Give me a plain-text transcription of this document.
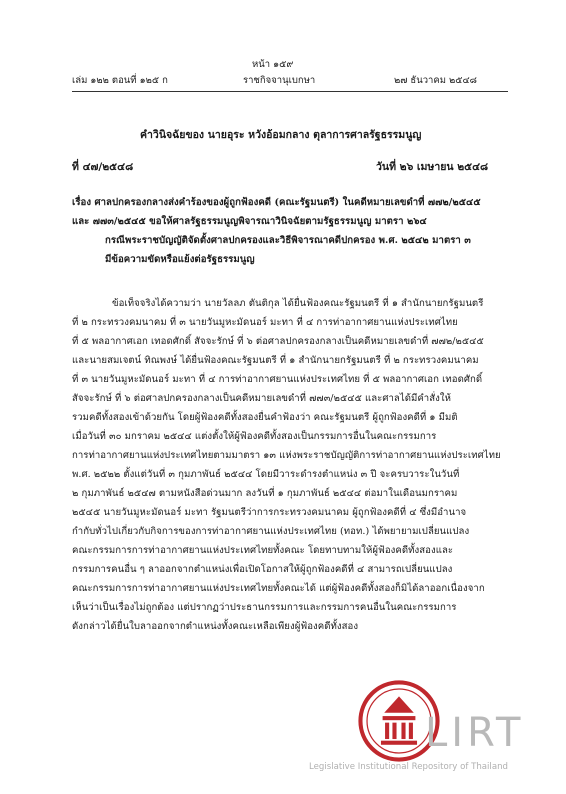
หน้า ๑๕๙
เล่ม ๑๒๒ ตอนที่ ๑๒๕ ก	ราชกิจจานุเบกษา	๒๗ ธันวาคม ๒๕๔๘
คำวินิจฉัยของ นายอุระ หวังอ้อมกลาง ตุลาการศาลรัฐธรรมนูญ
ที่ ๔๗/๒๕๔๘	วันที่ ๒๖ เมษายน ๒๕๔๘
เรื่อง ศาลปกครองกลางส่งคำร้องของผู้ถูกฟ้องคดี (คณะรัฐมนตรี) ในคดีหมายเลขดำที่ ๗๗๒/๒๕๔๕
และ ๗๗๓/๒๕๔๕ ขอให้ศาลรัฐธรรมนูญพิจารณาวินิจฉัยตามรัฐธรรมนูญ มาตรา ๒๖๔
กรณีพระราชบัญญัติจัดตั้งศาลปกครองและวิธีพิจารณาคดีปกครอง พ.ศ. ๒๕๔๒ มาตรา ๓
มีข้อความขัดหรือแย้งต่อรัฐธรรมนูญ
ข้อเท็จจริงได้ความว่า นายวัลลภ ตันติกุล ได้ยื่นฟ้องคณะรัฐมนตรี ที่ ๑ สำนักนายกรัฐมนตรี
ที่ ๒ กระทรวงคมนาคม ที่ ๓ นายวันมูหะมัดนอร์ มะทา ที่ ๔ การท่าอากาศยานแห่งประเทศไทย
ที่ ๕ พลอากาศเอก เทอดศักดิ์ สัจจะรักษ์ ที่ ๖ ต่อศาลปกครองกลางเป็นคดีหมายเลขดำที่ ๗๗๒/๒๕๔๕
และนายสมเจตน์ ทิณพงษ์ ได้ยื่นฟ้องคณะรัฐมนตรี ที่ ๑ สำนักนายกรัฐมนตรี ที่ ๒ กระทรวงคมนาคม
ที่ ๓ นายวันมูหะมัดนอร์ มะทา ที่ ๔ การท่าอากาศยานแห่งประเทศไทย ที่ ๕ พลอากาศเอก เทอดศักดิ์
สัจจะรักษ์ ที่ ๖ ต่อศาลปกครองกลางเป็นคดีหมายเลขดำที่ ๗๗๓/๒๕๔๕ และศาลได้มีคำสั่งให้
รวมคดีทั้งสองเข้าด้วยกัน โดยผู้ฟ้องคดีทั้งสองยื่นคำฟ้องว่า คณะรัฐมนตรี ผู้ถูกฟ้องคดีที่ ๑ มีมติ
เมื่อวันที่ ๓๐ มกราคม ๒๕๔๔ แต่งตั้งให้ผู้ฟ้องคดีทั้งสองเป็นกรรมการอื่นในคณะกรรมการ
การท่าอากาศยานแห่งประเทศไทยตามมาตรา ๑๓ แห่งพระราชบัญญัติการท่าอากาศยานแห่งประเทศไทย
พ.ศ. ๒๕๒๒ ตั้งแต่วันที่ ๓ กุมภาพันธ์ ๒๕๔๔ โดยมีวาระดำรงตำแหน่ง ๓ ปี จะครบวาระในวันที่
๒ กุมภาพันธ์ ๒๕๔๗ ตามหนังสือด่วนมาก ลงวันที่ ๑ กุมภาพันธ์ ๒๕๔๔ ต่อมาในเดือนมกราคม
๒๕๔๕ นายวันมูหะมัดนอร์ มะทา รัฐมนตรีว่าการกระทรวงคมนาคม ผู้ถูกฟ้องคดีที่ ๔ ซึ่งมีอำนาจ
กำกับทั่วไปเกี่ยวกับกิจการของการท่าอากาศยานแห่งประเทศไทย (ทอท.) ได้พยายามเปลี่ยนแปลง
คณะกรรมการการท่าอากาศยานแห่งประเทศไทยทั้งคณะ โดยทาบทามให้ผู้ฟ้องคดีทั้งสองและ
กรรมการคนอื่น ๆ ลาออกจากตำแหน่งเพื่อเปิดโอกาสให้ผู้ถูกฟ้องคดีที่ ๔ สามารถเปลี่ยนแปลง
คณะกรรมการการท่าอากาศยานแห่งประเทศไทยทั้งคณะได้ แต่ผู้ฟ้องคดีทั้งสองก็มิได้ลาออกเนื่องจาก
เห็นว่าเป็นเรื่องไม่ถูกต้อง แต่ปรากฏว่าประธานกรรมการและกรรมการคนอื่นในคณะกรรมการ
ดังกล่าวได้ยื่นใบลาออกจากตำแหน่งทั้งคณะเหลือเพียงผู้ฟ้องคดีทั้งสอง
LIRT
Legislative Institutional Repository of Thailand
